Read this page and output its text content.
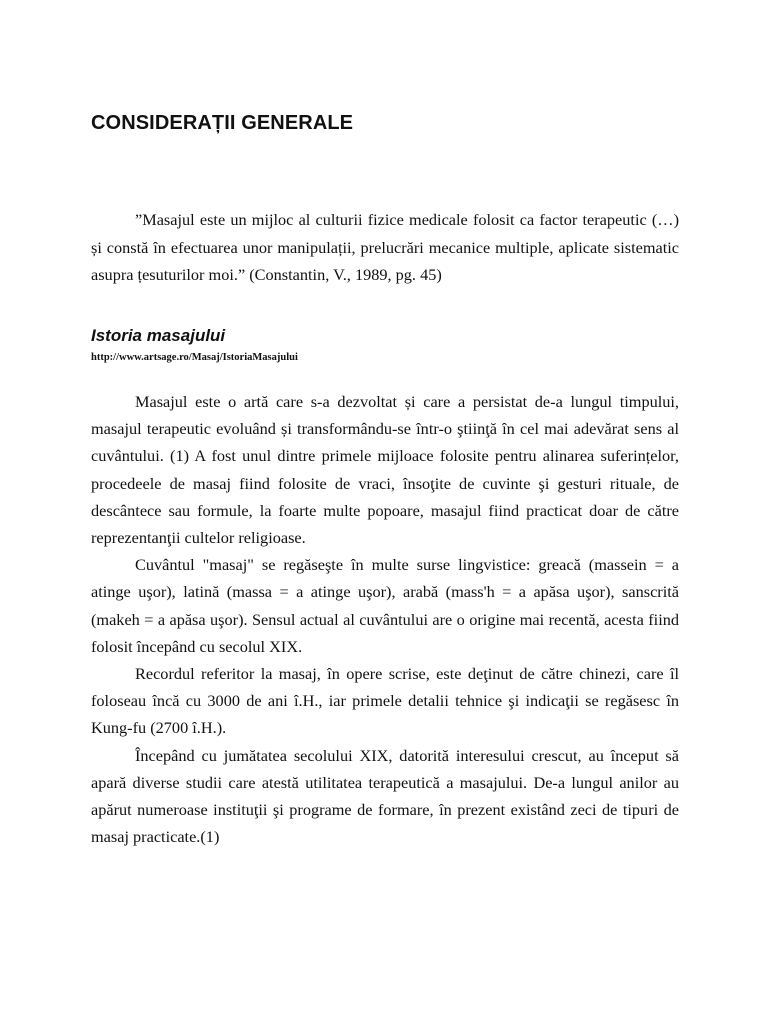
CONSIDERAȚII GENERALE

”Masajul este un mijloc al culturii fizice medicale folosit ca factor terapeutic (…) și constă în efectuarea unor manipulații, prelucrări mecanice multiple, aplicate sistematic asupra țesuturilor moi.” (Constantin, V., 1989, pg. 45)

Istoria masajului

http://www.artsage.ro/Masaj/IstoriaMasajului

Masajul este o artă care s-a dezvoltat și care a persistat de-a lungul timpului, masajul terapeutic evoluând și transformându-se într-o ştiinţă în cel mai adevărat sens al cuvântului. (1) A fost unul dintre primele mijloace folosite pentru alinarea suferințelor, procedeele de masaj fiind folosite de vraci, însoţite de cuvinte şi gesturi rituale, de descântece sau formule, la foarte multe popoare, masajul fiind practicat doar de către reprezentanţii cultelor religioase.

Cuvântul "masaj" se regăseşte în multe surse lingvistice: greacă (massein = a atinge uşor), latină (massa = a atinge uşor), arabă (mass'h = a apăsa uşor), sanscrită (makeh = a apăsa uşor). Sensul actual al cuvântului are o origine mai recentă, acesta fiind folosit începând cu secolul XIX.

Recordul referitor la masaj, în opere scrise, este deţinut de către chinezi, care îl foloseau încă cu 3000 de ani î.H., iar primele detalii tehnice şi indicaţii se regăsesc în Kung-fu (2700 î.H.).

Începând cu jumătatea secolului XIX, datorită interesului crescut, au început să apară diverse studii care atestă utilitatea terapeutică a masajului. De-a lungul anilor au apărut numeroase instituţii şi programe de formare, în prezent existând zeci de tipuri de masaj practicate.(1)
